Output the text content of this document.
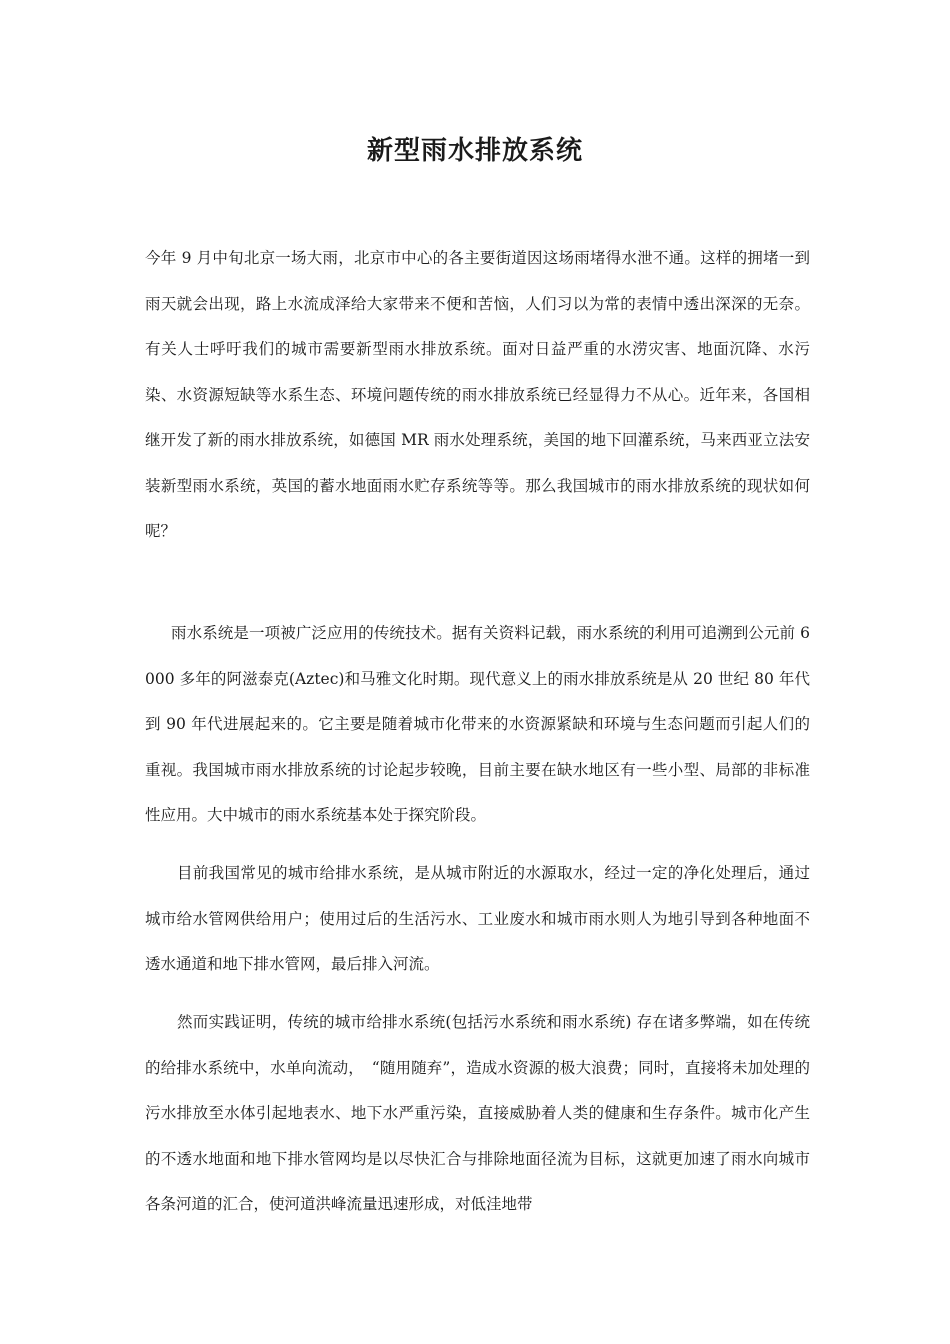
新型雨水排放系统

今年 9 月中旬北京一场大雨，北京市中心的各主要街道因这场雨堵得水泄不通。这样的拥堵一到雨天就会出现，路上水流成泽给大家带来不便和苦恼，人们习以为常的表情中透出深深的无奈。有关人士呼吁我们的城市需要新型雨水排放系统。面对日益严重的水涝灾害、地面沉降、水污染、水资源短缺等水系生态、环境问题传统的雨水排放系统已经显得力不从心。近年来，各国相继开发了新的雨水排放系统，如德国 MR 雨水处理系统，美国的地下回灌系统，马来西亚立法安装新型雨水系统，英国的蓄水地面雨水贮存系统等等。那么我国城市的雨水排放系统的现状如何呢？

雨水系统是一项被广泛应用的传统技术。据有关资料记载，雨水系统的利用可追溯到公元前 6000 多年的阿滋泰克(Aztec)和马雅文化时期。现代意义上的雨水排放系统是从 20 世纪 80 年代到 90 年代进展起来的。它主要是随着城市化带来的水资源紧缺和环境与生态问题而引起人们的重视。我国城市雨水排放系统的讨论起步较晚，目前主要在缺水地区有一些小型、局部的非标准性应用。大中城市的雨水系统基本处于探究阶段。

目前我国常见的城市给排水系统，是从城市附近的水源取水，经过一定的净化处理后，通过城市给水管网供给用户；使用过后的生活污水、工业废水和城市雨水则人为地引导到各种地面不透水通道和地下排水管网，最后排入河流。

然而实践证明，传统的城市给排水系统(包括污水系统和雨水系统) 存在诸多弊端，如在传统的给排水系统中，水单向流动，　“随用随弃”，造成水资源的极大浪费；同时，直接将未加处理的污水排放至水体引起地表水、地下水严重污染，直接威胁着人类的健康和生存条件。城市化产生的不透水地面和地下排水管网均是以尽快汇合与排除地面径流为目标，这就更加速了雨水向城市各条河道的汇合，使河道洪峰流量迅速形成，对低洼地带
